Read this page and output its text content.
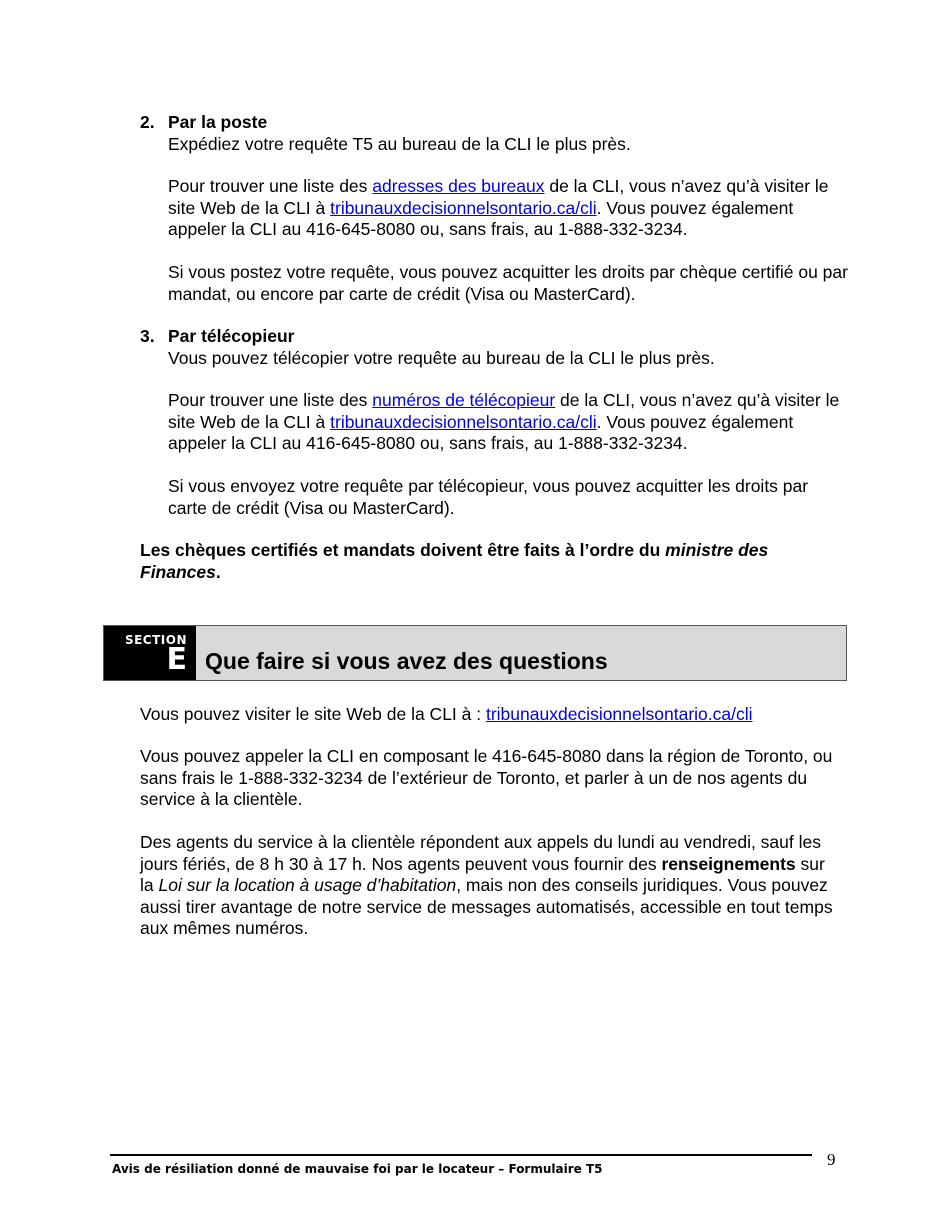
2. Par la poste

Expédiez votre requête T5 au bureau de la CLI le plus près.

Pour trouver une liste des adresses des bureaux de la CLI, vous n’avez qu’à visiter le site Web de la CLI à tribunauxdecisionnelsontario.ca/cli. Vous pouvez également appeler la CLI au 416-645-8080 ou, sans frais, au 1-888-332-3234.
Si vous postez votre requête, vous pouvez acquitter les droits par chèque certifié ou par mandat, ou encore par carte de crédit (Visa ou MasterCard).
3. Par télécopieur

Vous pouvez télécopier votre requête au bureau de la CLI le plus près.

Pour trouver une liste des numéros de télécopieur de la CLI, vous n’avez qu’à visiter le site Web de la CLI à tribunauxdecisionnelsontario.ca/cli. Vous pouvez également appeler la CLI au 416-645-8080 ou, sans frais, au 1-888-332-3234.
Si vous envoyez votre requête par télécopieur, vous pouvez acquitter les droits par carte de crédit (Visa ou MasterCard).
Les chèques certifiés et mandats doivent être faits à l’ordre du ministre des Finances.
SECTION
E Que faire si vous avez des questions
Vous pouvez visiter le site Web de la CLI à : tribunauxdecisionnelsontario.ca/cli
Vous pouvez appeler la CLI en composant le 416-645-8080 dans la région de Toronto, ou sans frais le 1-888-332-3234 de l’extérieur de Toronto, et parler à un de nos agents du service à la clientèle.
Des agents du service à la clientèle répondent aux appels du lundi au vendredi, sauf les jours fériés, de 8 h 30 à 17 h. Nos agents peuvent vous fournir des renseignements sur la Loi sur la location à usage d’habitation, mais non des conseils juridiques. Vous pouvez aussi tirer avantage de notre service de messages automatisés, accessible en tout temps aux mêmes numéros.
Avis de résiliation donné de mauvaise foi par le locateur – Formulaire T5	9
